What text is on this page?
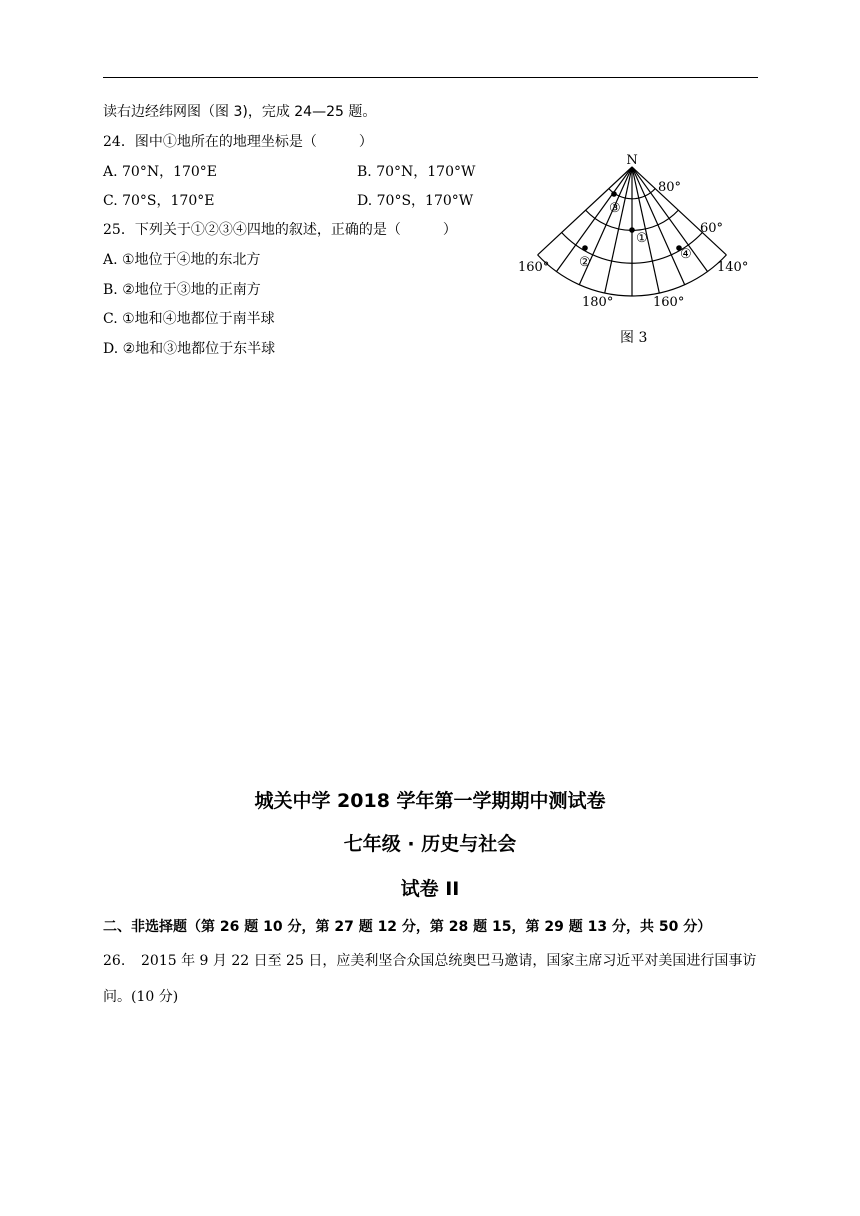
读右边经纬网图（图 3)，完成 24—25 题。
24．图中①地所在的地理坐标是（　　　）
A. 70°N，170°E	B. 70°N，170°W
C. 70°S，170°E	D. 70°S，170°W
25．下列关于①②③④四地的叙述，正确的是（　　　）
A. ①地位于④地的东北方
B. ②地位于③地的正南方
C. ①地和④地都位于南半球
D. ②地和③地都位于东半球
N
80°
60°
160°
180°	160°
140°
①
②
③
④
图 3
城关中学 2018 学年第一学期期中测试卷
七年级 · 历史与社会
试卷 II
二、非选择题（第 26 题 10 分，第 27 题 12 分，第 28 题 15，第 29 题 13 分，共 50 分）
26. 2015 年 9 月 22 日至 25 日，应美利坚合众国总统奥巴马邀请，国家主席习近平对美国进行国事访问。(10 分)
